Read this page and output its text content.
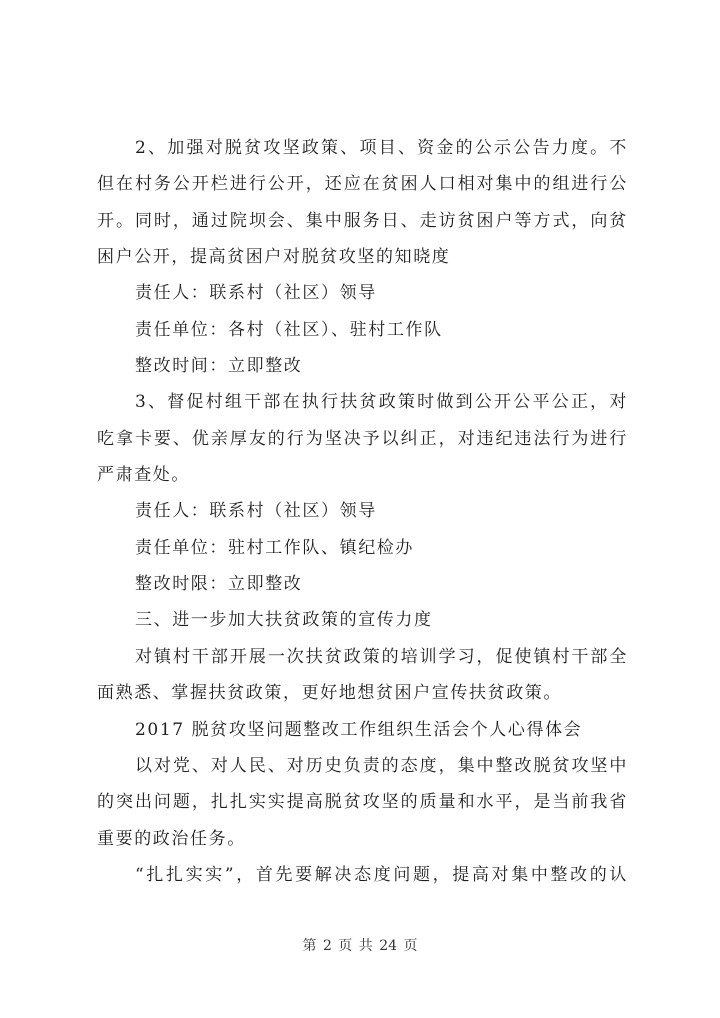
2、加强对脱贫攻坚政策、项目、资金的公示公告力度。不
但在村务公开栏进行公开，还应在贫困人口相对集中的组进行公
开。同时，通过院坝会、集中服务日、走访贫困户等方式，向贫
困户公开，提高贫困户对脱贫攻坚的知晓度
责任人：联系村（社区）领导
责任单位：各村（社区）、驻村工作队
整改时间：立即整改
3、督促村组干部在执行扶贫政策时做到公开公平公正，对
吃拿卡要、优亲厚友的行为坚决予以纠正，对违纪违法行为进行
严肃查处。
责任人：联系村（社区）领导
责任单位：驻村工作队、镇纪检办
整改时限：立即整改
三、进一步加大扶贫政策的宣传力度
对镇村干部开展一次扶贫政策的培训学习，促使镇村干部全
面熟悉、掌握扶贫政策，更好地想贫困户宣传扶贫政策。
2017 脱贫攻坚问题整改工作组织生活会个人心得体会
以对党、对人民、对历史负责的态度，集中整改脱贫攻坚中
的突出问题，扎扎实实提高脱贫攻坚的质量和水平，是当前我省
重要的政治任务。
“扎扎实实”，首先要解决态度问题，提高对集中整改的认
第 2 页 共 24 页
